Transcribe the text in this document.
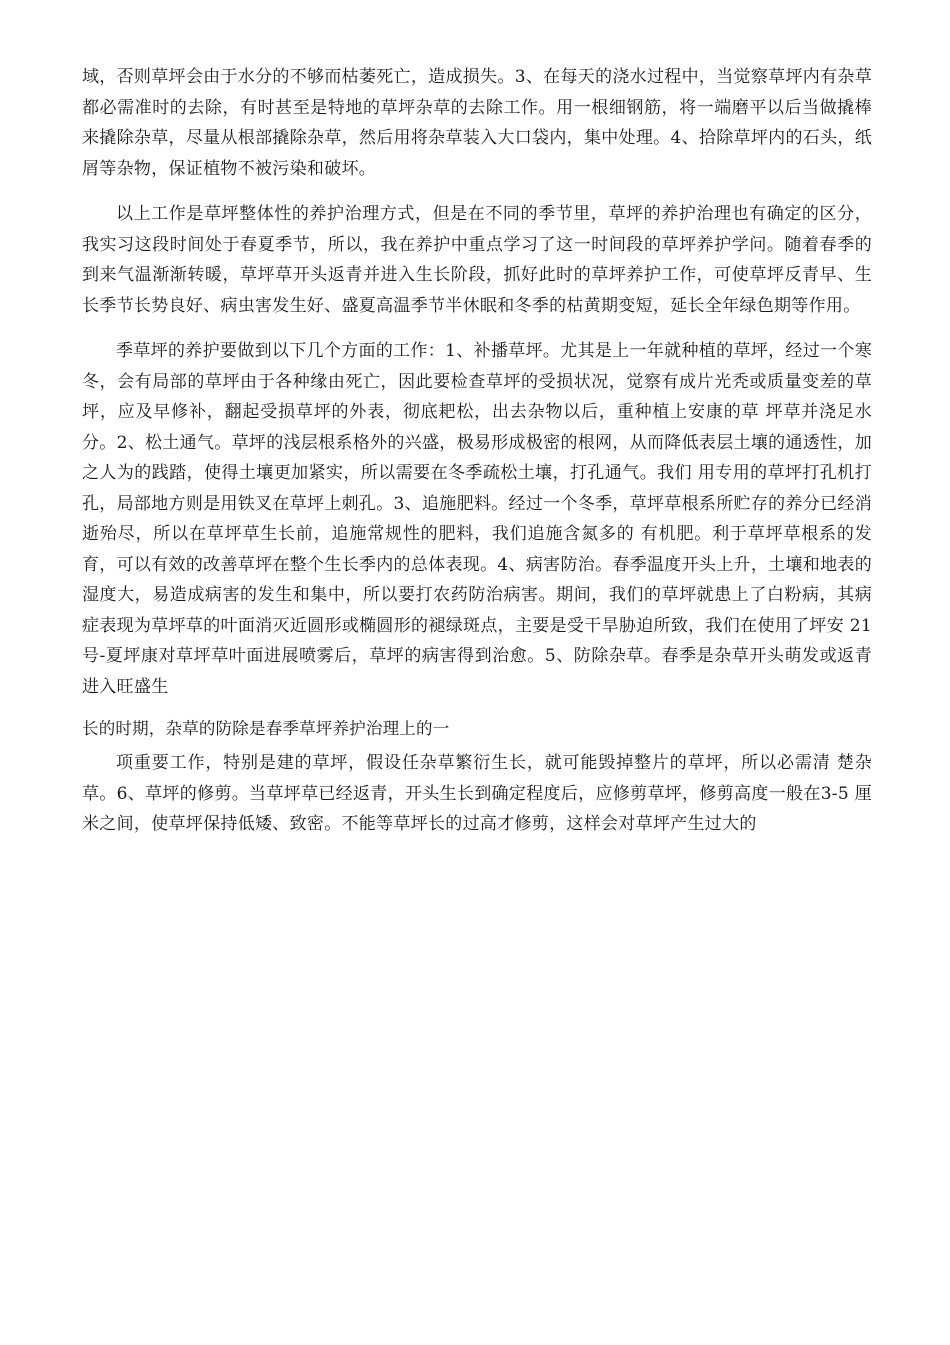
域，否则草坪会由于水分的不够而枯萎死亡，造成损失。3、在每天的浇水过程中，当觉察草坪内有杂草都必需准时的去除，有时甚至是特地的草坪杂草的去除工作。用一根细钢筋，将一端磨平以后当做撬棒来撬除杂草，尽量从根部撬除杂草，然后用将杂草装入大口袋内，集中处理。4、拾除草坪内的石头，纸屑等杂物，保证植物不被污染和破坏。

以上工作是草坪整体性的养护治理方式，但是在不同的季节里，草坪的养护治理也有确定的区分，我实习这段时间处于春夏季节，所以，我在养护中重点学习了这一时间段的草坪养护学问。随着春季的到来气温渐渐转暖，草坪草开头返青并进入生长阶段，抓好此时的草坪养护工作，可使草坪反青早、生长季节长势良好、病虫害发生好、盛夏高温季节半休眠和冬季的枯黄期变短，延长全年绿色期等作用。

季草坪的养护要做到以下几个方面的工作：1、补播草坪。尤其是上一年就种植的草坪，经过一个寒冬，会有局部的草坪由于各种缘由死亡，因此要检查草坪的受损状况，觉察有成片光秃或质量变差的草坪，应及早修补，翻起受损草坪的外表，彻底耙松，出去杂物以后，重种植上安康的草 坪草并浇足水分。2、松土通气。草坪的浅层根系格外的兴盛，极易形成极密的根网，从而降低表层土壤的通透性，加之人为的践踏，使得土壤更加紧实，所以需要在冬季疏松土壤，打孔通气。我们 用专用的草坪打孔机打孔，局部地方则是用铁叉在草坪上刺孔。3、追施肥料。经过一个冬季，草坪草根系所贮存的养分已经消逝殆尽，所以在草坪草生长前，追施常规性的肥料，我们追施含氮多的 有机肥。利于草坪草根系的发育，可以有效的改善草坪在整个生长季内的总体表现。4、病害防治。春季温度开头上升，土壤和地表的湿度大，易造成病害的发生和集中，所以要打农药防治病害。期间，我们的草坪就患上了白粉病，其病症表现为草坪草的叶面消灭近圆形或椭圆形的褪绿斑点，主要是受干旱胁迫所致，我们在使用了坪安 21 号-夏坪康对草坪草叶面进展喷雾后，草坪的病害得到治愈。5、防除杂草。春季是杂草开头萌发或返青进入旺盛生

长的时期，杂草的防除是春季草坪养护治理上的一

项重要工作，特别是建的草坪，假设任杂草繁衍生长，就可能毁掉整片的草坪，所以必需清 楚杂草。6、草坪的修剪。当草坪草已经返青，开头生长到确定程度后，应修剪草坪，修剪高度一般在3-5 厘米之间，使草坪保持低矮、致密。不能等草坪长的过高才修剪，这样会对草坪产生过大的
